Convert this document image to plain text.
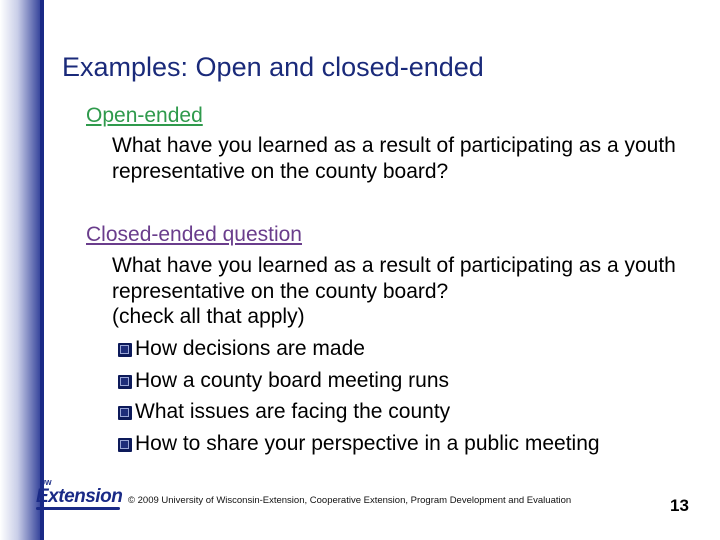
Examples: Open and closed-ended
Open-ended
What have you learned as a result of participating as a youth representative on the county board?
Closed-ended question
What have you learned as a result of participating as a youth representative on the county board?
(check all that apply)
How decisions are made
How a county board meeting runs
What issues are facing the county
How to share your perspective in a public meeting
UW
Extension © 2009 University of Wisconsin-Extension, Cooperative Extension, Program Development and Evaluation	13
